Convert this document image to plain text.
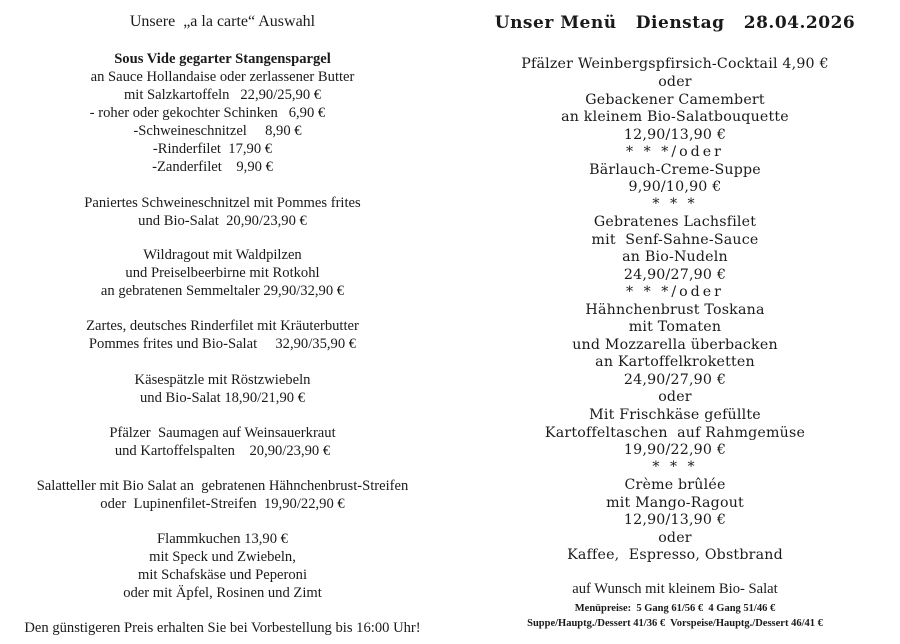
Unsere  „a la carte“ Auswahl
Sous Vide gegarter Stangenspargel
an Sauce Hollandaise oder zerlassener Butter
mit Salzkartoffeln   22,90/25,90 €
- roher oder gekochter Schinken   6,90 €
-Schweineschnitzel     8,90 €
-Rinderfilet  17,90 €
-Zanderfilet    9,90 €
Paniertes Schweineschnitzel mit Pommes frites
und Bio-Salat  20,90/23,90 €
Wildragout mit Waldpilzen
und Preiselbeerbirne mit Rotkohl
an gebratenen Semmeltaler 29,90/32,90 €
Zartes, deutsches Rinderfilet mit Kräuterbutter
Pommes frites und Bio-Salat     32,90/35,90 €
Käsespätzle mit Röstzwiebeln
und Bio-Salat 18,90/21,90 €
Pfälzer  Saumagen auf Weinsauerkraut
und Kartoffelspalten    20,90/23,90 €
Salatteller mit Bio Salat an  gebratenen Hähnchenbrust-Streifen
oder  Lupinenfilet-Streifen  19,90/22,90 €
Flammkuchen 13,90 €
mit Speck und Zwiebeln,
mit Schafskäse und Peperoni
oder mit Äpfel, Rosinen und Zimt
Den günstigeren Preis erhalten Sie bei Vorbestellung bis 16:00 Uhr!
Unser Menü   Dienstag   28.04.2026
Pfälzer Weinbergspfirsich-Cocktail 4,90 €
oder
Gebackener Camembert
an kleinem Bio-Salatbouquette
12,90/13,90 €
* * */oder
Bärlauch-Creme-Suppe
9,90/10,90 €
* * *
Gebratenes Lachsfilet
mit  Senf-Sahne-Sauce
an Bio-Nudeln
24,90/27,90 €
* * */oder
Hähnchenbrust Toskana
mit Tomaten
und Mozzarella überbacken
an Kartoffelkroketten
24,90/27,90 €
oder
Mit Frischkäse gefüllte
Kartoffeltaschen  auf Rahmgemüse
19,90/22,90 €
* * *
Crème brûlée
mit Mango-Ragout
12,90/13,90 €
oder
Kaffee,  Espresso, Obstbrand
auf Wunsch mit kleinem Bio- Salat
Menüpreise:  5 Gang 61/56 €  4 Gang 51/46 €
Suppe/Hauptg./Dessert 41/36 €  Vorspeise/Hauptg./Dessert 46/41 €
